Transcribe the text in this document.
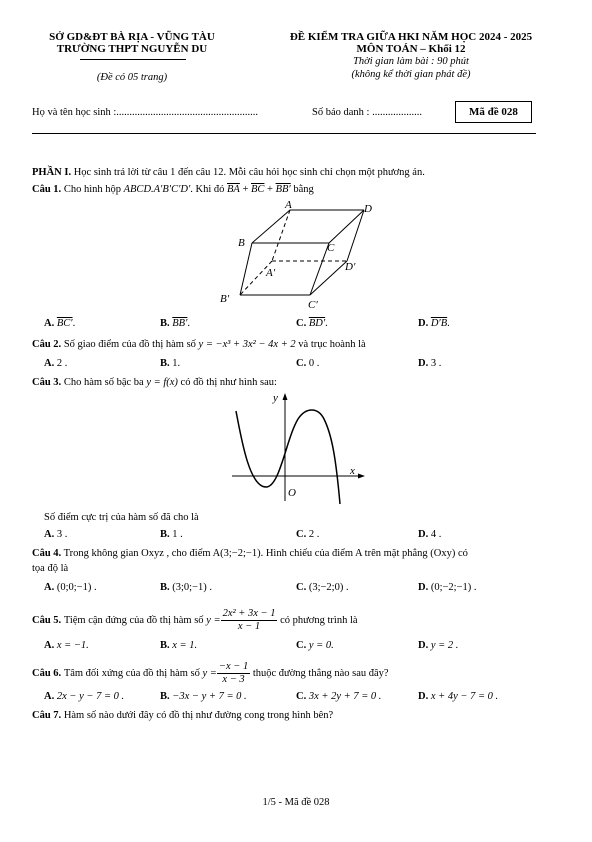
SỞ GD&ĐT BÀ RỊA - VŨNG TÀU
TRƯỜNG THPT NGUYỄN DU
(Đề có 05 trang)
ĐỀ KIỂM TRA GIỮA HKI NĂM HỌC 2024 - 2025
MÔN TOÁN – Khối 12
Thời gian làm bài : 90 phút
(không kể thời gian phát đề)
Họ và tên học sinh :......................................................	Số báo danh : ...................	Mã đề 028
PHẦN I. Học sinh trả lời từ câu 1 đến câu 12. Mỗi câu hỏi học sinh chỉ chọn một phương án.
Câu 1. Cho hình hộp ABCD.A′B′C′D′. Khi đó $\overline{BA} + \overline{BC} + BB'$ bằng
A	D
B	C
A′	D′
B′	C′
A. BC′.	B. BB′.	C. BD′.	D. D′B.
Câu 2. Số giao điểm của đồ thị hàm số y = −x³ + 3x² − 4x + 2 và trục hoành là
A. 2 .	B. 1.	C. 0 .	D. 3 .
Câu 3. Cho hàm số bậc ba y = f(x) có đồ thị như hình sau:
y
x
O
Số điểm cực trị của hàm số đã cho là
A. 3 .	B. 1 .	C. 2 .	D. 4 .
Câu 4. Trong không gian Oxyz , cho điểm A(3;−2;−1). Hình chiếu của điểm A trên mặt phẳng (Oxy) có
tọa độ là
A. (0;0;−1) .	B. (3;0;−1) .	C. (3;−2;0) .	D. (0;−2;−1) .
Câu 5.
Tiệm cận đứng của đồ thị hàm số
$y = \frac{\text{2x² + 3x − 1}}{x - 1}$
có phương trình là
A. x = −1.	B. x = 1.	C. y = 0.	D. y = 2 .
Câu 6.
Tâm đối xứng của đồ thị hàm số
$y = \frac{-x - 1}{x - 3}$
thuộc đường thẳng nào sau đây?
A. 2x − y − 7 = 0 .	B. −3x − y + 7 = 0 .	C. 3x + 2y + 7 = 0 .	D. x + 4y − 7 = 0 .
Câu 7. Hàm số nào dưới đây có đồ thị như đường cong trong hình bên?
1/5 - Mã đề 028
